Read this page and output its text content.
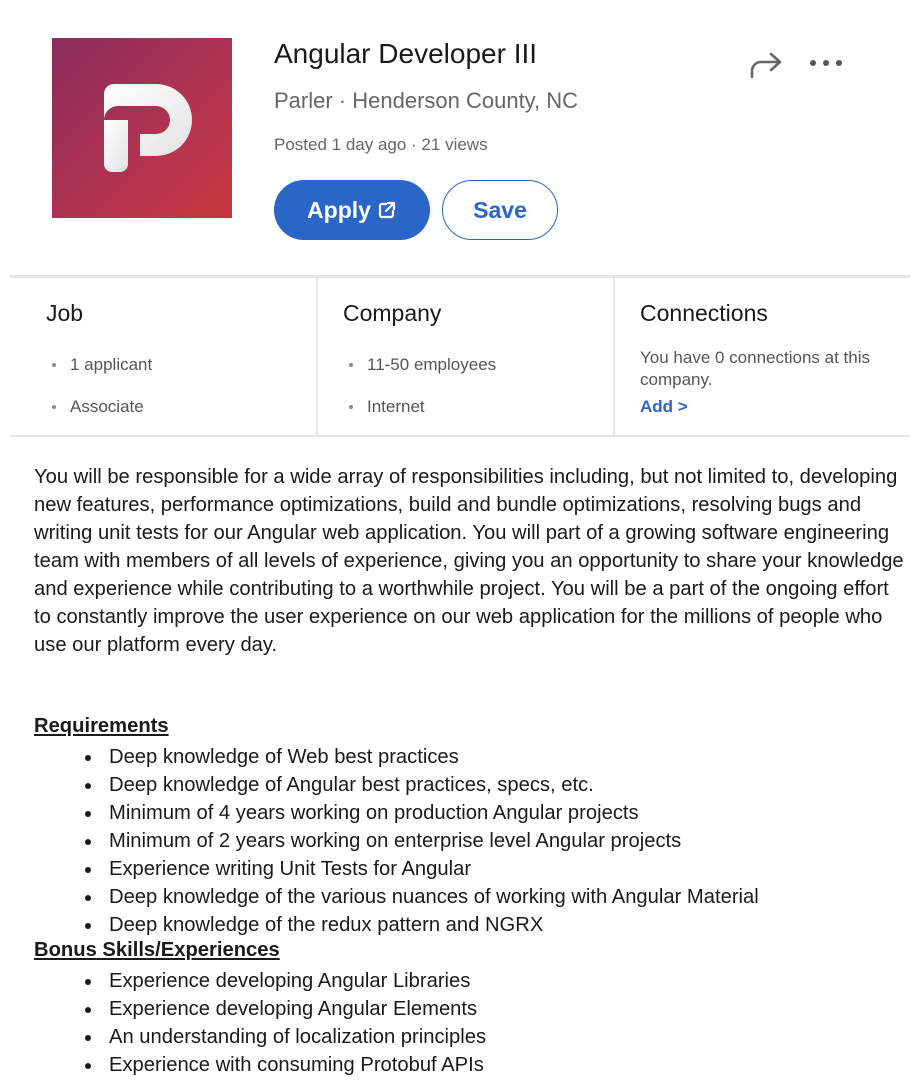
Angular Developer III
Parler · Henderson County, NC
Posted 1 day ago · 21 views
Apply	Save
Job
1 applicant
Associate
Company
11-50 employees
Internet
Connections
You have 0 connections at this company.
Add >
You will be responsible for a wide array of responsibilities including, but not limited to, developing new features, performance optimizations, build and bundle optimizations, resolving bugs and writing unit tests for our Angular web application. You will part of a growing software engineering team with members of all levels of experience, giving you an opportunity to share your knowledge and experience while contributing to a worthwhile project. You will be a part of the ongoing effort to constantly improve the user experience on our web application for the millions of people who use our platform every day.
Requirements
Deep knowledge of Web best practices
Deep knowledge of Angular best practices, specs, etc.
Minimum of 4 years working on production Angular projects
Minimum of 2 years working on enterprise level Angular projects
Experience writing Unit Tests for Angular
Deep knowledge of the various nuances of working with Angular Material
Deep knowledge of the redux pattern and NGRX
Bonus Skills/Experiences
Experience developing Angular Libraries
Experience developing Angular Elements
An understanding of localization principles
Experience with consuming Protobuf APIs
